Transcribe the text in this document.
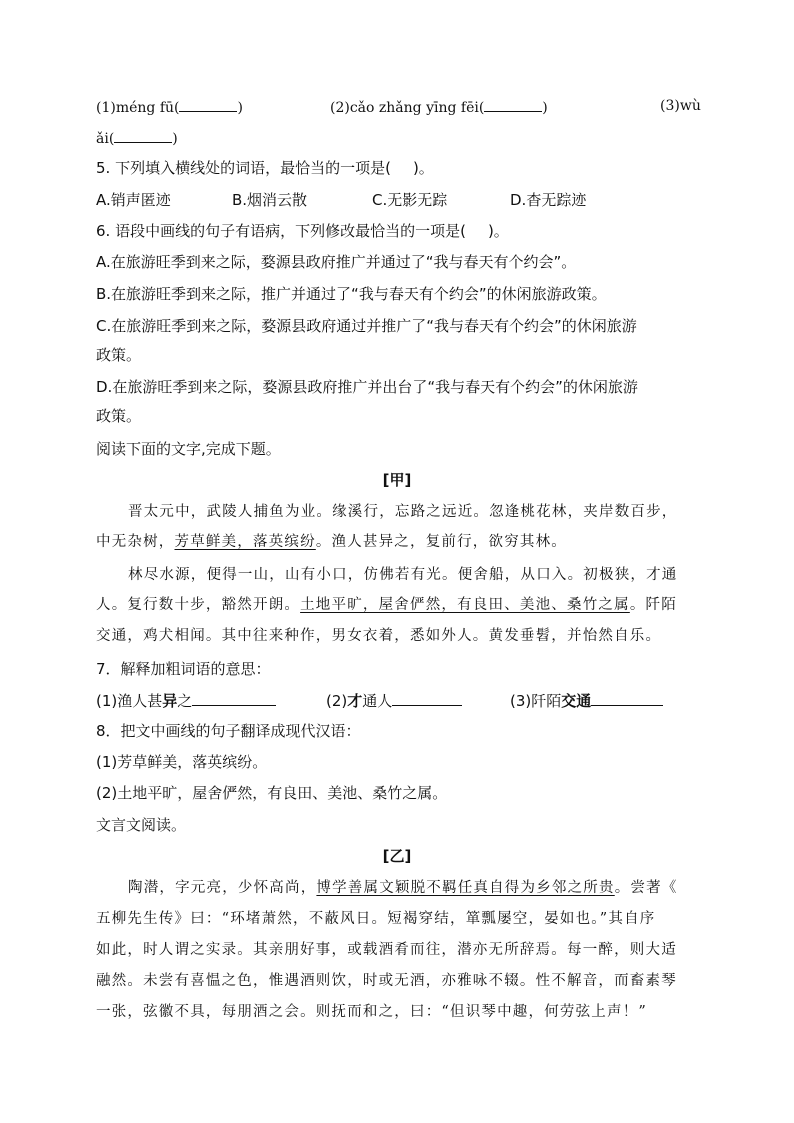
(1)méng fū(	)	(2)cǎo zhǎng yīng fēi(	)	(3)wù
ǎi(	)
5. 下列填入横线处的词语，最恰当的一项是( )。
A.销声匿迹	B.烟消云散	C.无影无踪	D.杳无踪迹
6. 语段中画线的句子有语病，下列修改最恰当的一项是( )。
A.在旅游旺季到来之际，婺源县政府推广并通过了“我与春天有个约会”。
B.在旅游旺季到来之际，推广并通过了“我与春天有个约会”的休闲旅游政策。
C.在旅游旺季到来之际，婺源县政府通过并推广了“我与春天有个约会”的休闲旅游
政策。
D.在旅游旺季到来之际，婺源县政府推广并出台了“我与春天有个约会”的休闲旅游
政策。
阅读下面的文字,完成下题。
[甲]
晋太元中，武陵人捕鱼为业。缘溪行，忘路之远近。忽逢桃花林，夹岸数百步，
中无杂树，芳草鲜美，落英缤纷。渔人甚异之，复前行，欲穷其林。
林尽水源，便得一山，山有小口，仿佛若有光。便舍船，从口入。初极狭，才通
人。复行数十步，豁然开朗。土地平旷，屋舍俨然，有良田、美池、桑竹之属。阡陌
交通，鸡犬相闻。其中往来种作，男女衣着，悉如外人。黄发垂髫，并怡然自乐。
7．解释加粗词语的意思：
(1)渔人甚异之	(2)才通人	(3)阡陌交通
8．把文中画线的句子翻译成现代汉语：
(1)芳草鲜美，落英缤纷。
(2)土地平旷，屋舍俨然，有良田、美池、桑竹之属。
文言文阅读。
[乙]
陶潜，字元亮，少怀高尚，博学善属文颖脱不羁任真自得为乡邻之所贵。尝著《
五柳先生传》曰：“环堵萧然，不蔽风日。短褐穿结，箪瓢屡空，晏如也。”其自序
如此，时人谓之实录。其亲朋好事，或载酒肴而往，潜亦无所辞焉。每一醉，则大适
融然。未尝有喜愠之色，惟遇酒则饮，时或无酒，亦雅咏不辍。性不解音，而畜素琴
一张，弦徽不具，每朋酒之会。则抚而和之，曰：“但识琴中趣，何劳弦上声！”
